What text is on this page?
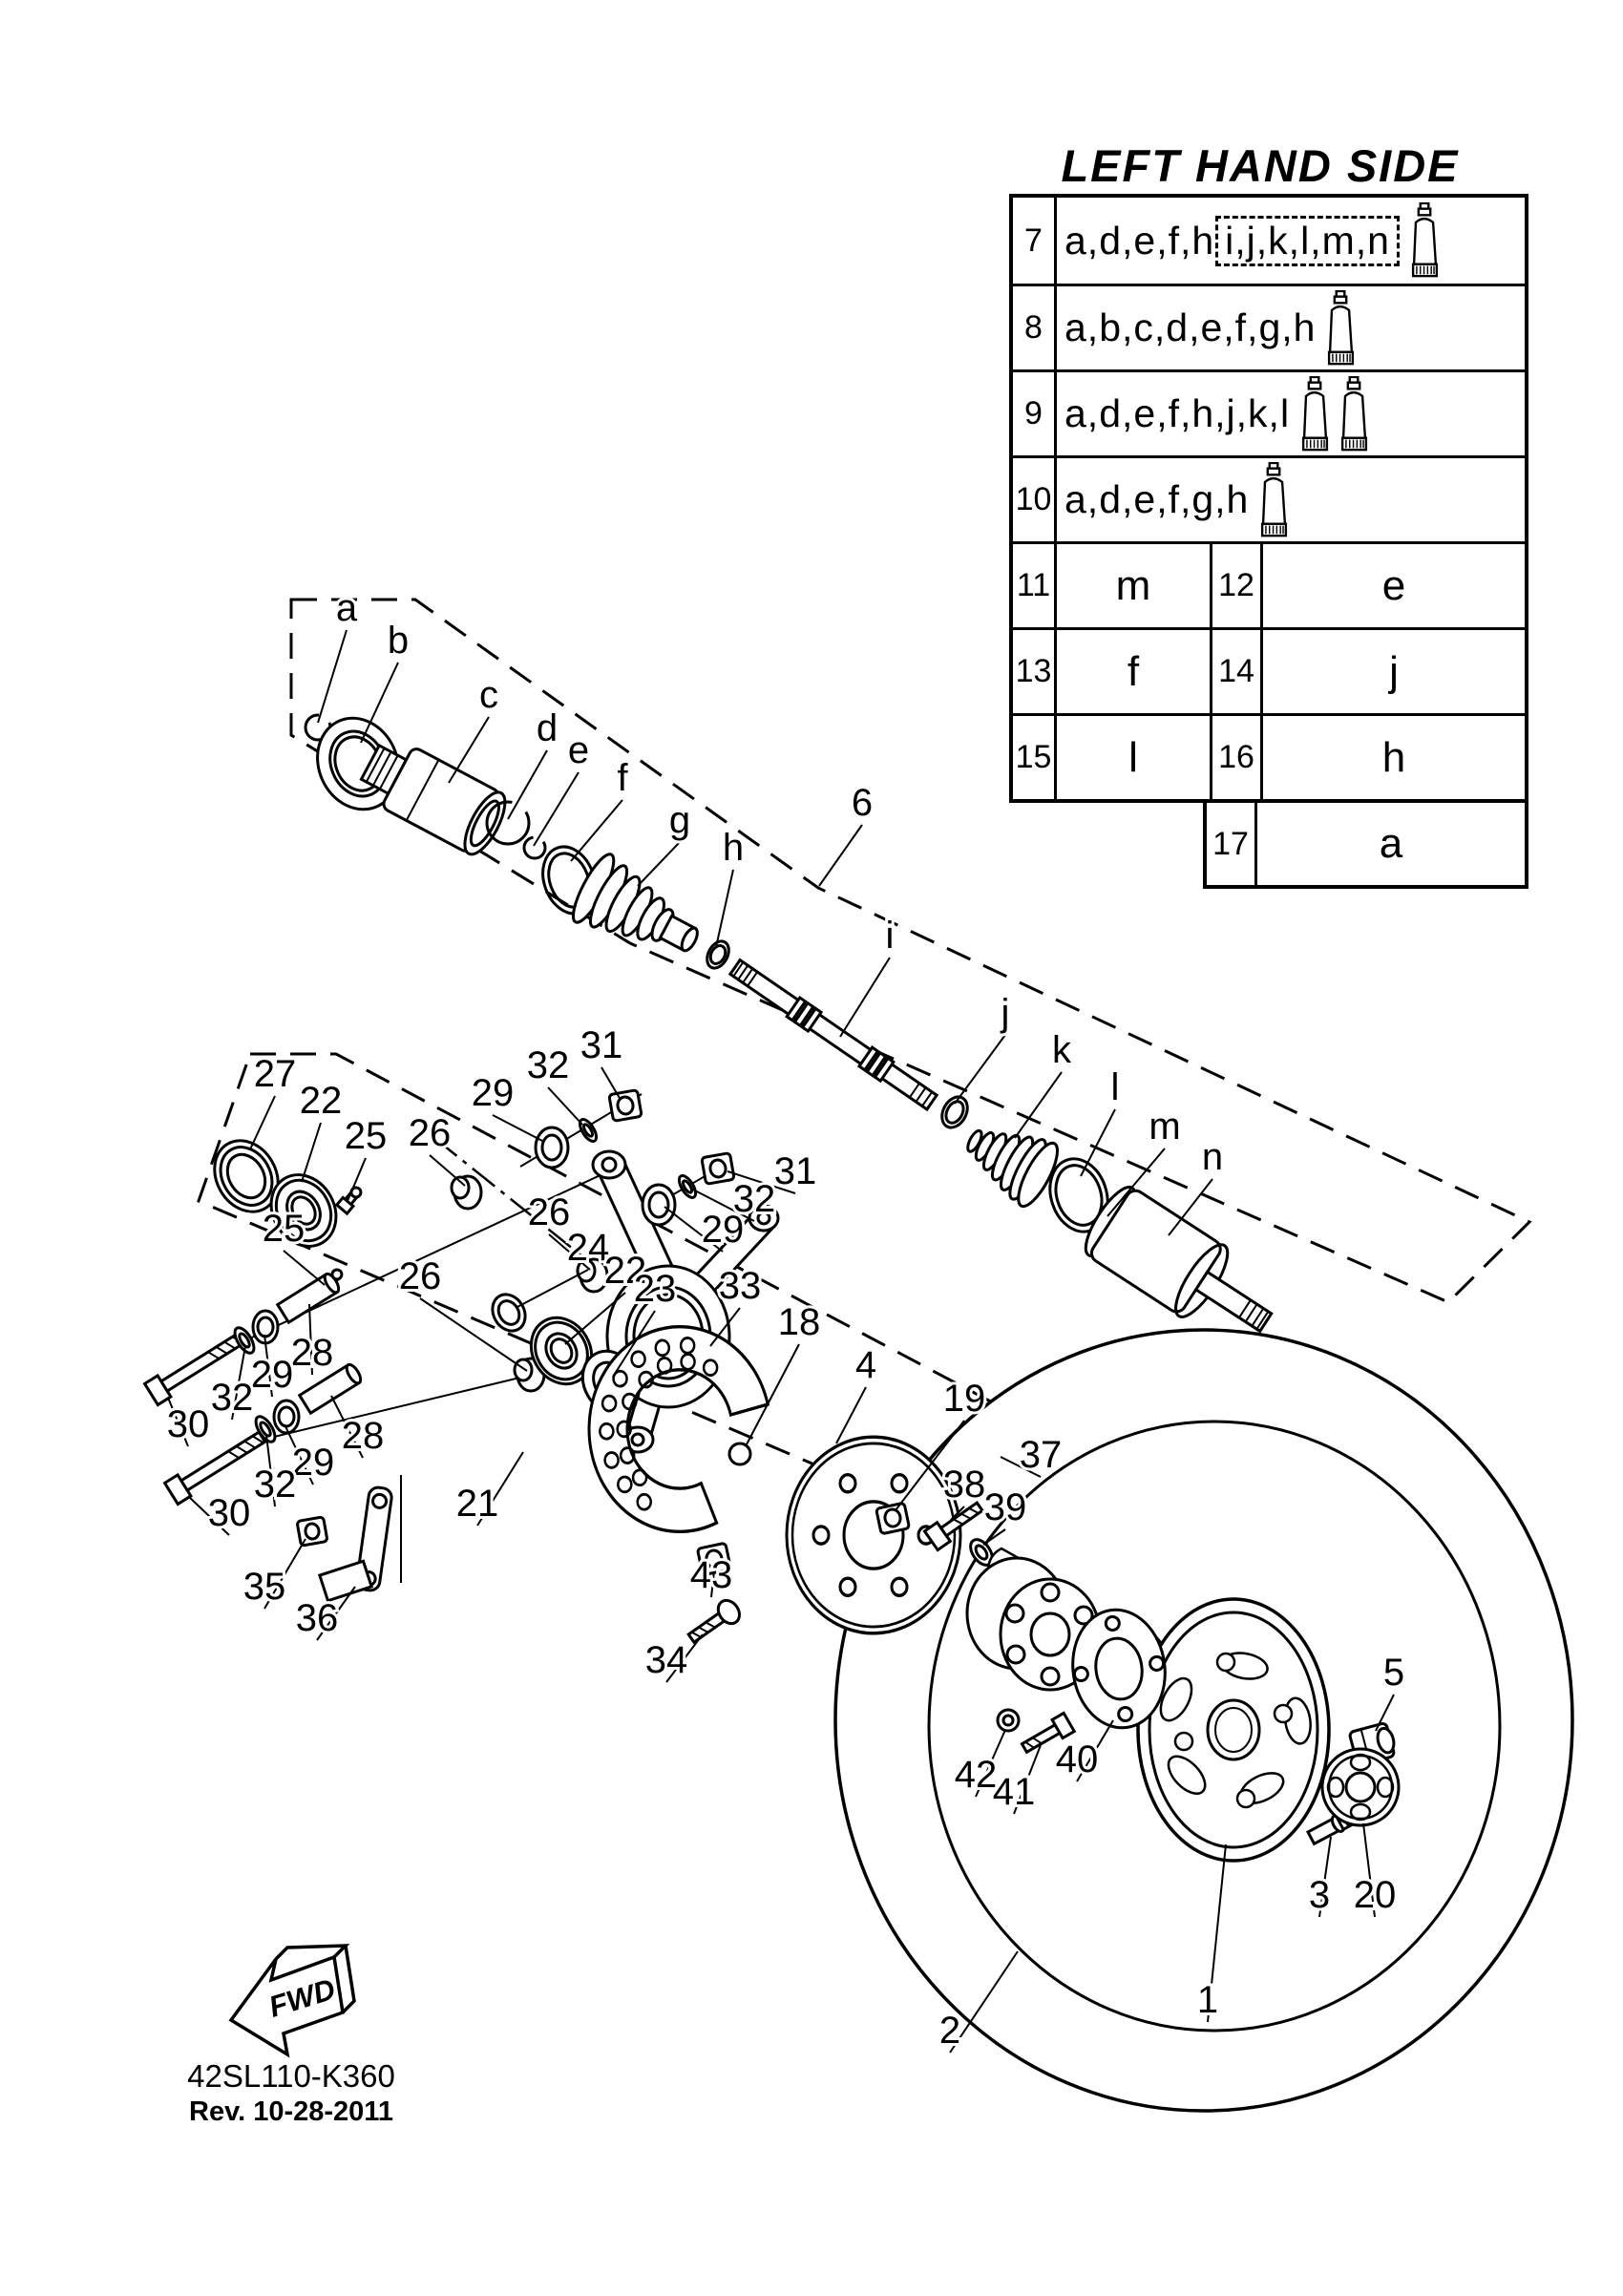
FWD
a
b
c
d
e
f
g
h
6
i
j
k
l
m
n
27
22
25 26
29
32 31
31
32
29
26
24
22
23
25
26
28
29
32
30	28
29
32
30
35
36
21
33
18
4
19
37
38
39
43
34
42
41
40
5
3 20
1
2
LEFT HAND SIDE
7 a,d,e,f,h i,j,k,l,m,n
8 a,b,c,d,e,f,g,h
9 a,d,e,f,h,j,k,l
10 a,d,e,f,g,h
11	m	12	e
13	f	14	j
15	l	16	h
17	a
42SL110-K360
Rev. 10-28-2011
